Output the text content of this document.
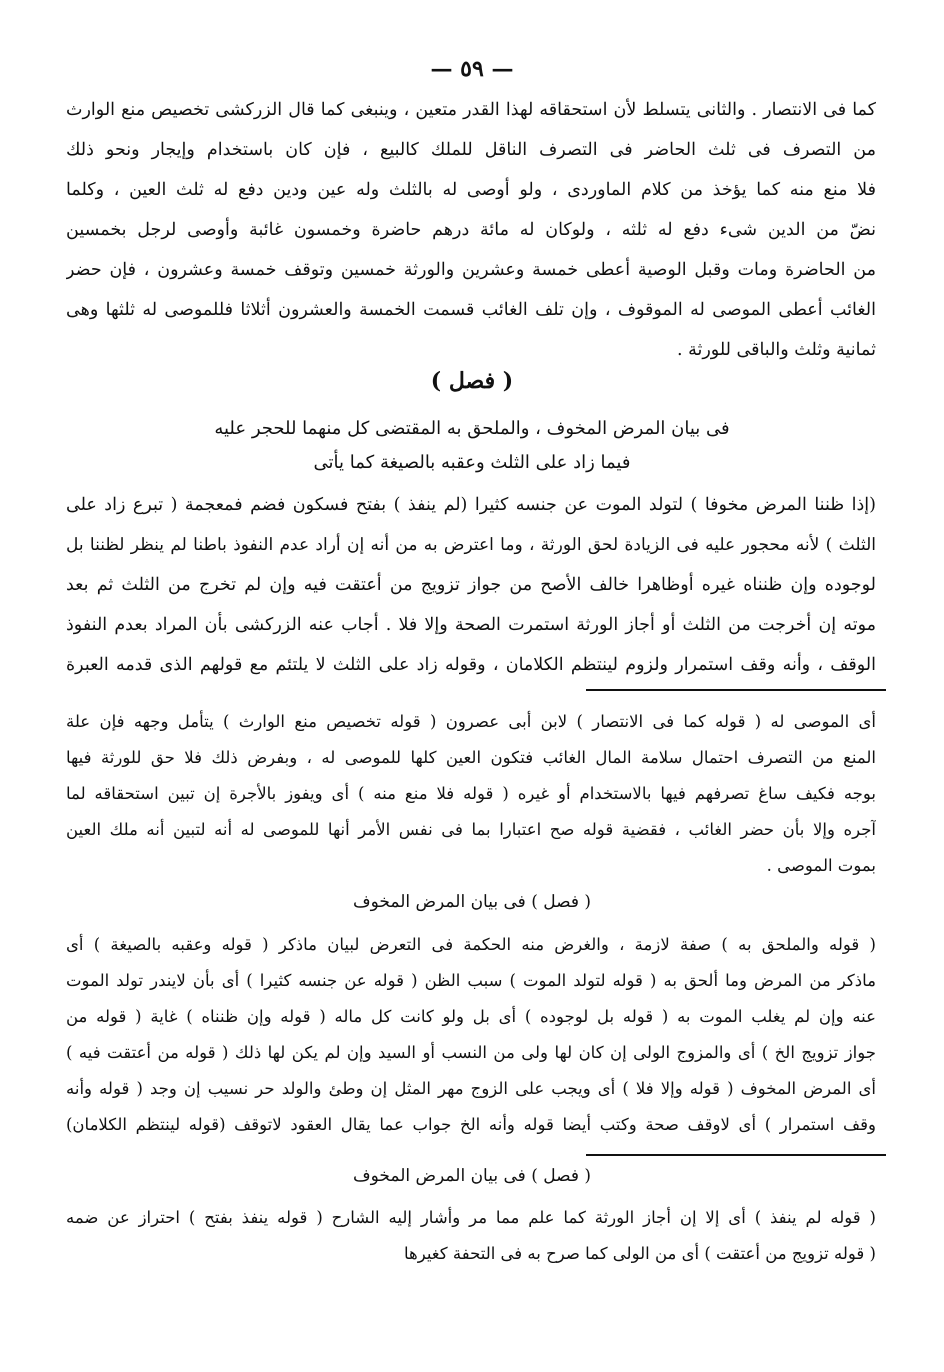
— ٥٩ —
كما فى الانتصار . والثانى يتسلط لأن استحقاقه لهذا القدر متعين ، وينبغى كما قال الزركشى تخصيص منع الوارث
من التصرف فى ثلث الحاضر فى التصرف الناقل للملك كالبيع ، فإن كان باستخدام وإيجار ونحو ذلك
فلا منع منه كما يؤخذ من كلام الماوردى ، ولو أوصى له بالثلث وله عين ودين دفع له ثلث العين ، وكلما
نضّ من الدين شىء دفع له ثلثه ، ولوكان له مائة درهم حاضرة وخمسون غائبة وأوصى لرجل بخمسين
من الحاضرة ومات وقبل الوصية أعطى خمسة وعشرين والورثة خمسين وتوقف خمسة وعشرون ، فإن حضر
الغائب أعطى الموصى له الموقوف ، وإن تلف الغائب قسمت الخمسة والعشرون أثلاثا فللموصى له ثلثها وهى
ثمانية وثلث والباقى للورثة .
( فصل )
فى بيان المرض المخوف ، والملحق به المقتضى كل منهما للحجر عليه
فيما زاد على الثلث وعقبه بالصيغة كما يأتى
(إذا ظننا المرض مخوفا ) لتولد الموت عن جنسه كثيرا (لم ينفذ ) بفتح فسكون فضم فمعجمة ( تبرع زاد على
الثلث ) لأنه محجور عليه فى الزيادة لحق الورثة ، وما اعترض به من أنه إن أراد عدم النفوذ باطنا لم ينظر لظننا بل
لوجوده وإن ظنناه غيره أوظاهرا خالف الأصح من جواز تزويج من أعتقت فيه وإن لم تخرج من الثلث ثم بعد
موته إن أخرجت من الثلث أو أجاز الورثة استمرت الصحة وإلا فلا . أجاب عنه الزركشى بأن المراد بعدم النفوذ
الوقف ، وأنه وقف استمرار ولزوم لينتظم الكلامان ، وقوله زاد على الثلث لا يلتئم مع قولهم الذى قدمه العبرة
أى الموصى له ( قوله كما فى الانتصار ) لابن أبى عصرون ( قوله تخصيص منع الوارث ) يتأمل وجهه فإن علة
المنع من التصرف احتمال سلامة المال الغائب فتكون العين كلها للموصى له ، وبفرض ذلك فلا حق للورثة فيها
بوجه فكيف ساغ تصرفهم فيها بالاستخدام أو غيره ( قوله فلا منع منه ) أى ويفوز بالأجرة إن تبين استحقاقه لما
آجره وإلا بأن حضر الغائب ، فقضية قوله صح اعتبارا بما فى نفس الأمر أنها للموصى له أنه لتبين أنه ملك العين
بموت الموصى .
( فصل ) فى بيان المرض المخوف
( قوله والملحق به ) صفة لازمة ، والغرض منه الحكمة فى التعرض لبيان ماذكر ( قوله وعقبه بالصيغة ) أى
ماذكر من المرض وما ألحق به ( قوله لتولد الموت ) سبب الظن ( قوله عن جنسه كثيرا ) أى بأن لايندر تولد الموت
عنه وإن لم يغلب الموت به ( قوله بل لوجوده ) أى بل ولو كانت كل ماله ( قوله وإن ظنناه ) غاية ( قوله من
جواز تزويج الخ ) أى والمزوج الولى إن كان لها ولى من النسب أو السيد وإن لم يكن لها ذلك ( قوله من أعتقت فيه )
أى المرض المخوف ( قوله وإلا فلا ) أى ويجب على الزوج مهر المثل إن وطئ والولد حر نسيب إن وجد ( قوله وأنه
وقف استمرار ) أى لاوقف صحة وكتب أيضا قوله وأنه الخ جواب عما يقال العقود لاتوقف (قوله لينتظم الكلامان)
( فصل ) فى بيان المرض المخوف
( قوله لم ينفذ ) أى إلا إن أجاز الورثة كما علم مما مر وأشار إليه الشارح ( قوله ينفذ بفتح ) احتراز عن ضمه
( قوله تزويج من أعتقت ) أى من الولى كما صرح به فى التحفة كغيرها
